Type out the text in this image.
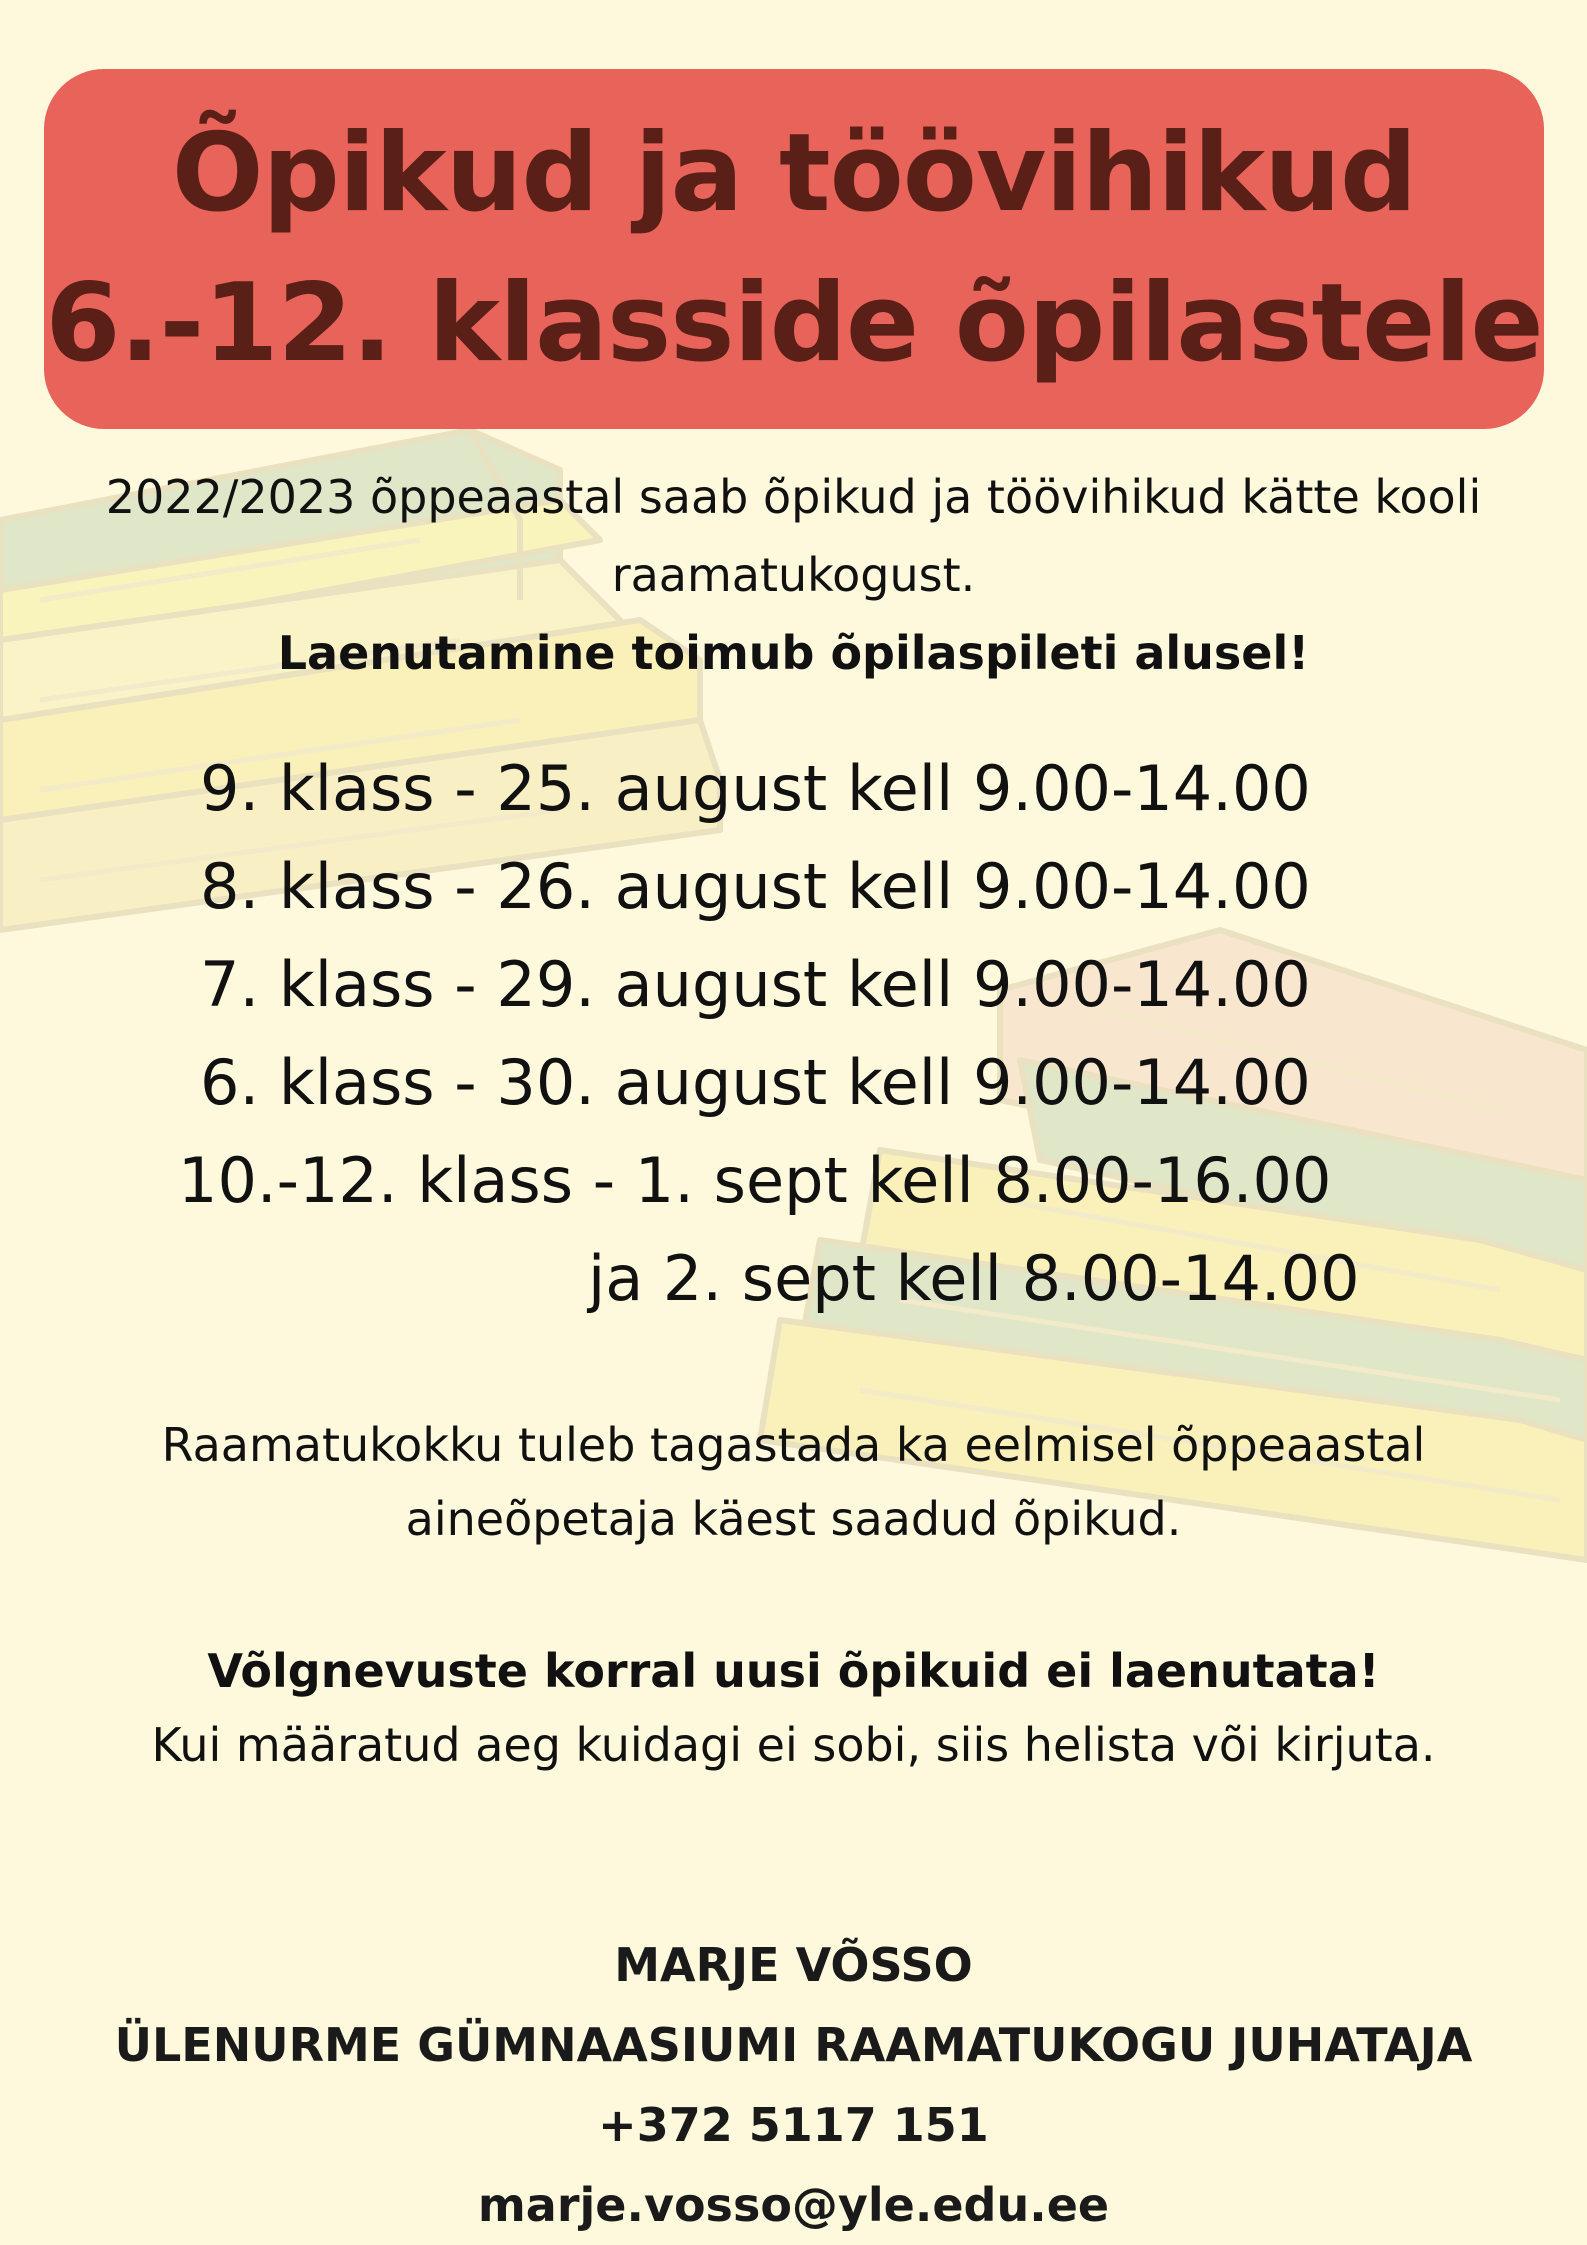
Õpikud ja töövihikud
6.-12. klasside õpilastele
2022/2023 õppeaastal saab õpikud ja töövihikud kätte kooli
raamatukogust.
Laenutamine toimub õpilaspileti alusel!
9. klass - 25. august kell 9.00-14.00
8. klass - 26. august kell 9.00-14.00
7. klass - 29. august kell 9.00-14.00
6. klass - 30. august kell 9.00-14.00
10.-12. klass - 1. sept kell 8.00-16.00
ja 2. sept kell 8.00-14.00
Raamatukokku tuleb tagastada ka eelmisel õppeaastal
aineõpetaja käest saadud õpikud.
Võlgnevuste korral uusi õpikuid ei laenutata!
Kui määratud aeg kuidagi ei sobi, siis helista või kirjuta.
MARJE VÕSSO
ÜLENURME GÜMNAASIUMI RAAMATUKOGU JUHATAJA
+372 5117 151
marje.vosso@yle.edu.ee
